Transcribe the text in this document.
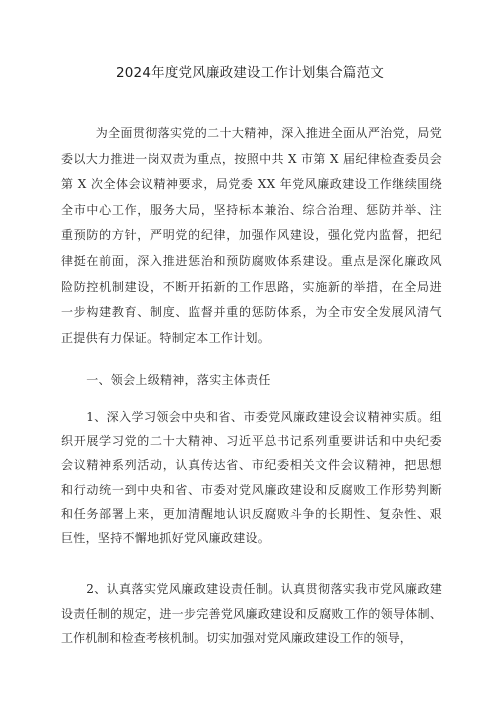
2024年度党风廉政建设工作计划集合篇范文

为全面贯彻落实党的二十大精神，深入推进全面从严治党，局党委以大力推进一岗双责为重点，按照中共 X 市第 X 届纪律检查委员会第 X 次全体会议精神要求，局党委 XX 年党风廉政建设工作继续围绕全市中心工作，服务大局，坚持标本兼治、综合治理、惩防并举、注重预防的方针，严明党的纪律，加强作风建设，强化党内监督，把纪律挺在前面，深入推进惩治和预防腐败体系建设。重点是深化廉政风险防控机制建设，不断开拓新的工作思路，实施新的举措，在全局进一步构建教育、制度、监督并重的惩防体系，为全市安全发展风清气正提供有力保证。特制定本工作计划。

一、领会上级精神，落实主体责任

1、深入学习领会中央和省、市委党风廉政建设会议精神实质。组织开展学习党的二十大精神、习近平总书记系列重要讲话和中央纪委会议精神系列活动，认真传达省、市纪委相关文件会议精神，把思想和行动统一到中央和省、市委对党风廉政建设和反腐败工作形势判断和任务部署上来，更加清醒地认识反腐败斗争的长期性、复杂性、艰巨性，坚持不懈地抓好党风廉政建设。

2、认真落实党风廉政建设责任制。认真贯彻落实我市党风廉政建设责任制的规定，进一步完善党风廉政建设和反腐败工作的领导体制、工作机制和检查考核机制。切实加强对党风廉政建设工作的领导，
